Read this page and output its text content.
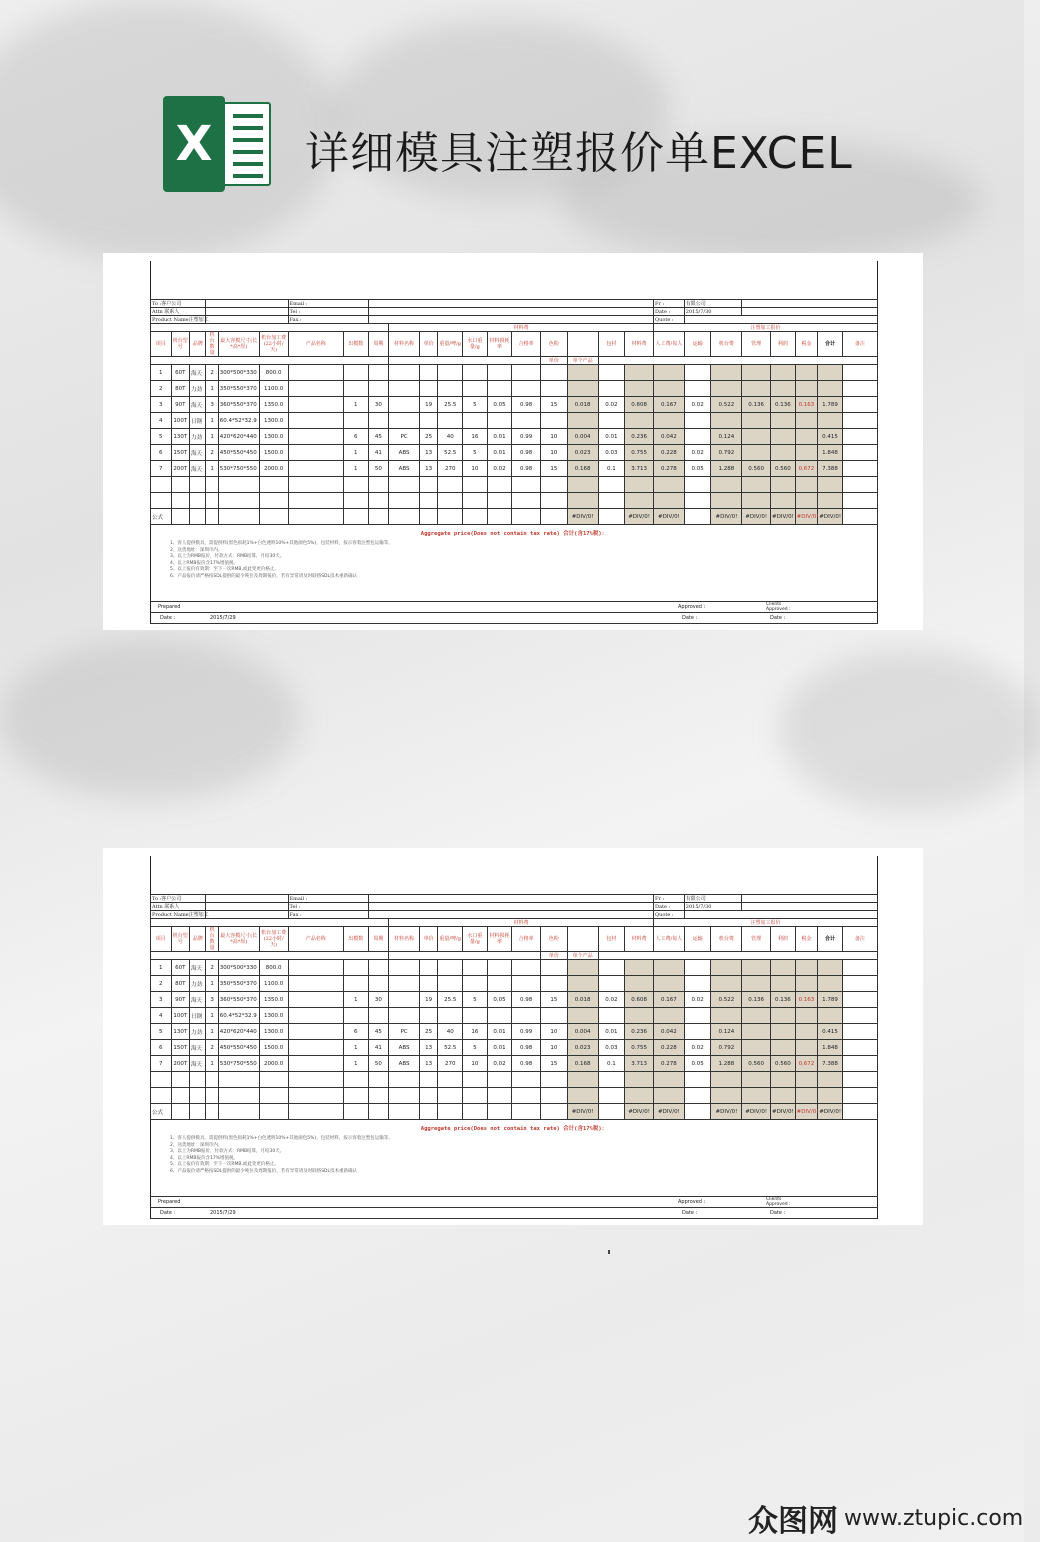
X 详细模具注塑报价单EXCEL
To :客户公司						Email :													Fr :	有限公司						
Attn 联系人						Tel :													Date :	2015/7/30						
Product Name注塑加工						Fax :													Quote :							
									材料费										注塑加工报价							
项目	机台型号	品牌	机台数量	最大容模尺寸(长*高*厚)	机台加工费(22小时/天)	产品名称	出模数	周期	材料名称	单价	重量/啤/g	水口重量/g	材料损耗率	合格率	色粉		包材	材料费	人工费/每人	运输	机台费	管理	利润	税金	合计	备注
															单价	单个产品										
1	60T	海天	2	300*500*330	800.0																					
2	80T	力劲	1	350*550*370	1100.0																					
3	90T	海天	3	360*550*370	1350.0		1	30		19	25.5	5	0.05	0.98	15	0.018	0.02	0.608	0.167	0.02	0.522	0.136	0.136	0.163	1.789	
4	100T	日钢	1	60.4*52*32.9	1300.0																					
5	130T	力劲	1	420*620*440	1300.0		6	45	PC	25	40	16	0.01	0.99	10	0.004	0.01	0.236	0.042		0.124				0.415	
6	150T	海天	2	450*550*450	1500.0		1	41	ABS	13	52.5	5	0.01	0.98	10	0.023	0.03	0.755	0.228	0.02	0.792				1.848	
7	200T	海天	1	530*750*550	2000.0		1	50	ABS	13	270	10	0.02	0.98	15	0.168	0.1	3.713	0.278	0.05	1.288	0.560	0.560	0.672	7.388	

公式																#DIV/0!		#DIV/0!	#DIV/0!		#DIV/0!	#DIV/0!	#DIV/0!	#DIV/0!	#DIV/0!	
Aggregate price(Does not contain tax rate) 合计(含17%税)：
1、客人提供模具，需提供料(黑色损耗1%+白色透明10%+其他颜色5%)，包装材料，按示客着注塑包运输等。
2、送货地址：深圳市内。
3、以上为RMB报价，付款方式：RMB结算，月结30天。
4、以上RMB报价含17%增值税。
5、以上报价有效期：至下一次RMB,或此变更价格止。
6、产品报价请严格按SDL提供的最少吨位及周期报价，若有异常请及时联络SDL技术重新确认
Prepared	Approved :	Clients Approved :
Date :	2015/7/29	Date :	Date :
To :客户公司						Email :													Fr :	有限公司						
Attn 联系人						Tel :													Date :	2015/7/30						
Product Name注塑加工						Fax :													Quote :							
									材料费										注塑加工报价							
项目	机台型号	品牌	机台数量	最大容模尺寸(长*高*厚)	机台加工费(22小时/天)	产品名称	出模数	周期	材料名称	单价	重量/啤/g	水口重量/g	材料损耗率	合格率	色粉		包材	材料费	人工费/每人	运输	机台费	管理	利润	税金	合计	备注
															单价	单个产品										
1	60T	海天	2	300*500*330	800.0																					
2	80T	力劲	1	350*550*370	1100.0																					
3	90T	海天	3	360*550*370	1350.0		1	30		19	25.5	5	0.05	0.98	15	0.018	0.02	0.608	0.167	0.02	0.522	0.136	0.136	0.163	1.789	
4	100T	日钢	1	60.4*52*32.9	1300.0																					
5	130T	力劲	1	420*620*440	1300.0		6	45	PC	25	40	16	0.01	0.99	10	0.004	0.01	0.236	0.042		0.124				0.415	
6	150T	海天	2	450*550*450	1500.0		1	41	ABS	13	52.5	5	0.01	0.98	10	0.023	0.03	0.755	0.228	0.02	0.792				1.848	
7	200T	海天	1	530*750*550	2000.0		1	50	ABS	13	270	10	0.02	0.98	15	0.168	0.1	3.713	0.278	0.05	1.288	0.560	0.560	0.672	7.388	

公式																#DIV/0!		#DIV/0!	#DIV/0!		#DIV/0!	#DIV/0!	#DIV/0!	#DIV/0!	#DIV/0!	
Aggregate price(Does not contain tax rate) 合计(含17%税)：
1、客人提供模具，需提供料(黑色损耗1%+白色透明10%+其他颜色5%)，包装材料，按示客着注塑包运输等。
2、送货地址：深圳市内。
3、以上为RMB报价，付款方式：RMB结算，月结30天。
4、以上RMB报价含17%增值税。
5、以上报价有效期：至下一次RMB,或此变更价格止。
6、产品报价请严格按SDL提供的最少吨位及周期报价，若有异常请及时联络SDL技术重新确认
Prepared	Approved :	Clients Approved :
Date :	2015/7/29	Date :	Date :
众图网 www.ztupic.com
